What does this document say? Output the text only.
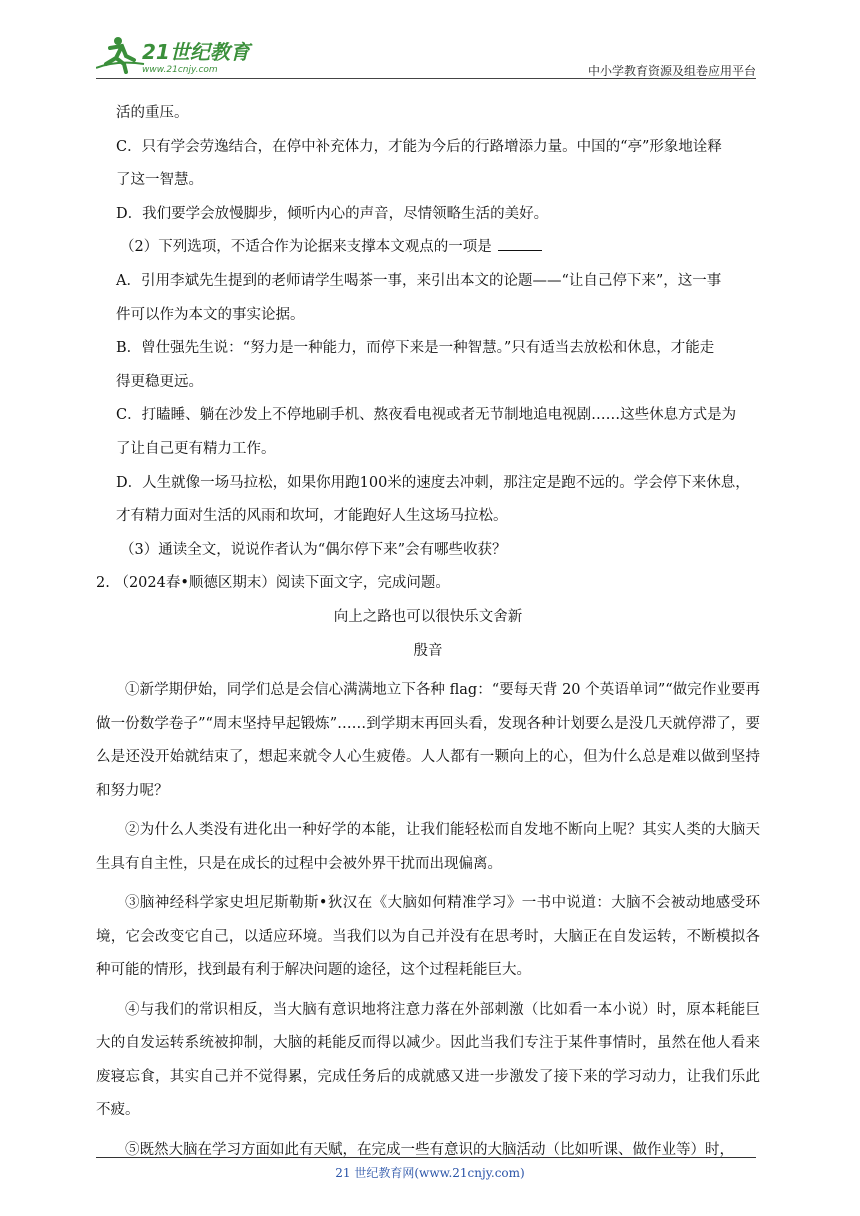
21世纪教育
www.21cnjy.com	中小学教育资源及组卷应用平台
活的重压。
C．只有学会劳逸结合，在停中补充体力，才能为今后的行路增添力量。中国的“亭”形象地诠释
了这一智慧。
D．我们要学会放慢脚步，倾听内心的声音，尽情领略生活的美好。
（2）下列选项，不适合作为论据来支撑本文观点的一项是
A．引用李斌先生提到的老师请学生喝茶一事，来引出本文的论题——“让自己停下来”，这一事
件可以作为本文的事实论据。
B．曾仕强先生说：“努力是一种能力，而停下来是一种智慧。”只有适当去放松和休息，才能走
得更稳更远。
C．打瞌睡、躺在沙发上不停地刷手机、熬夜看电视或者无节制地追电视剧……这些休息方式是为
了让自己更有精力工作。
D．人生就像一场马拉松，如果你用跑100米的速度去冲刺，那注定是跑不远的。学会停下来休息，
才有精力面对生活的风雨和坎坷，才能跑好人生这场马拉松。
（3）通读全文，说说作者认为“偶尔停下来”会有哪些收获？
2. （2024春•顺德区期末）阅读下面文字，完成问题。
向上之路也可以很快乐文舍新
殷音
①新学期伊始，同学们总是会信心满满地立下各种 flag：“要每天背 20 个英语单词”“做完作业要再做一份数学卷子”“周末坚持早起锻炼”……到学期末再回头看，发现各种计划要么是没几天就停滞了，要么是还没开始就结束了，想起来就令人心生疲倦。人人都有一颗向上的心，但为什么总是难以做到坚持和努力呢？
②为什么人类没有进化出一种好学的本能，让我们能轻松而自发地不断向上呢？其实人类的大脑天生具有自主性，只是在成长的过程中会被外界干扰而出现偏离。
③脑神经科学家史坦尼斯勒斯•狄汉在《大脑如何精准学习》一书中说道：大脑不会被动地感受环境，它会改变它自己，以适应环境。当我们以为自己并没有在思考时，大脑正在自发运转，不断模拟各种可能的情形，找到最有利于解决问题的途径，这个过程耗能巨大。
④与我们的常识相反，当大脑有意识地将注意力落在外部刺激（比如看一本小说）时，原本耗能巨大的自发运转系统被抑制，大脑的耗能反而得以减少。因此当我们专注于某件事情时，虽然在他人看来废寝忘食，其实自己并不觉得累，完成任务后的成就感又进一步激发了接下来的学习动力，让我们乐此不疲。
⑤既然大脑在学习方面如此有天赋，在完成一些有意识的大脑活动（比如听课、做作业等）时，
21 世纪教育网(www.21cnjy.com)
